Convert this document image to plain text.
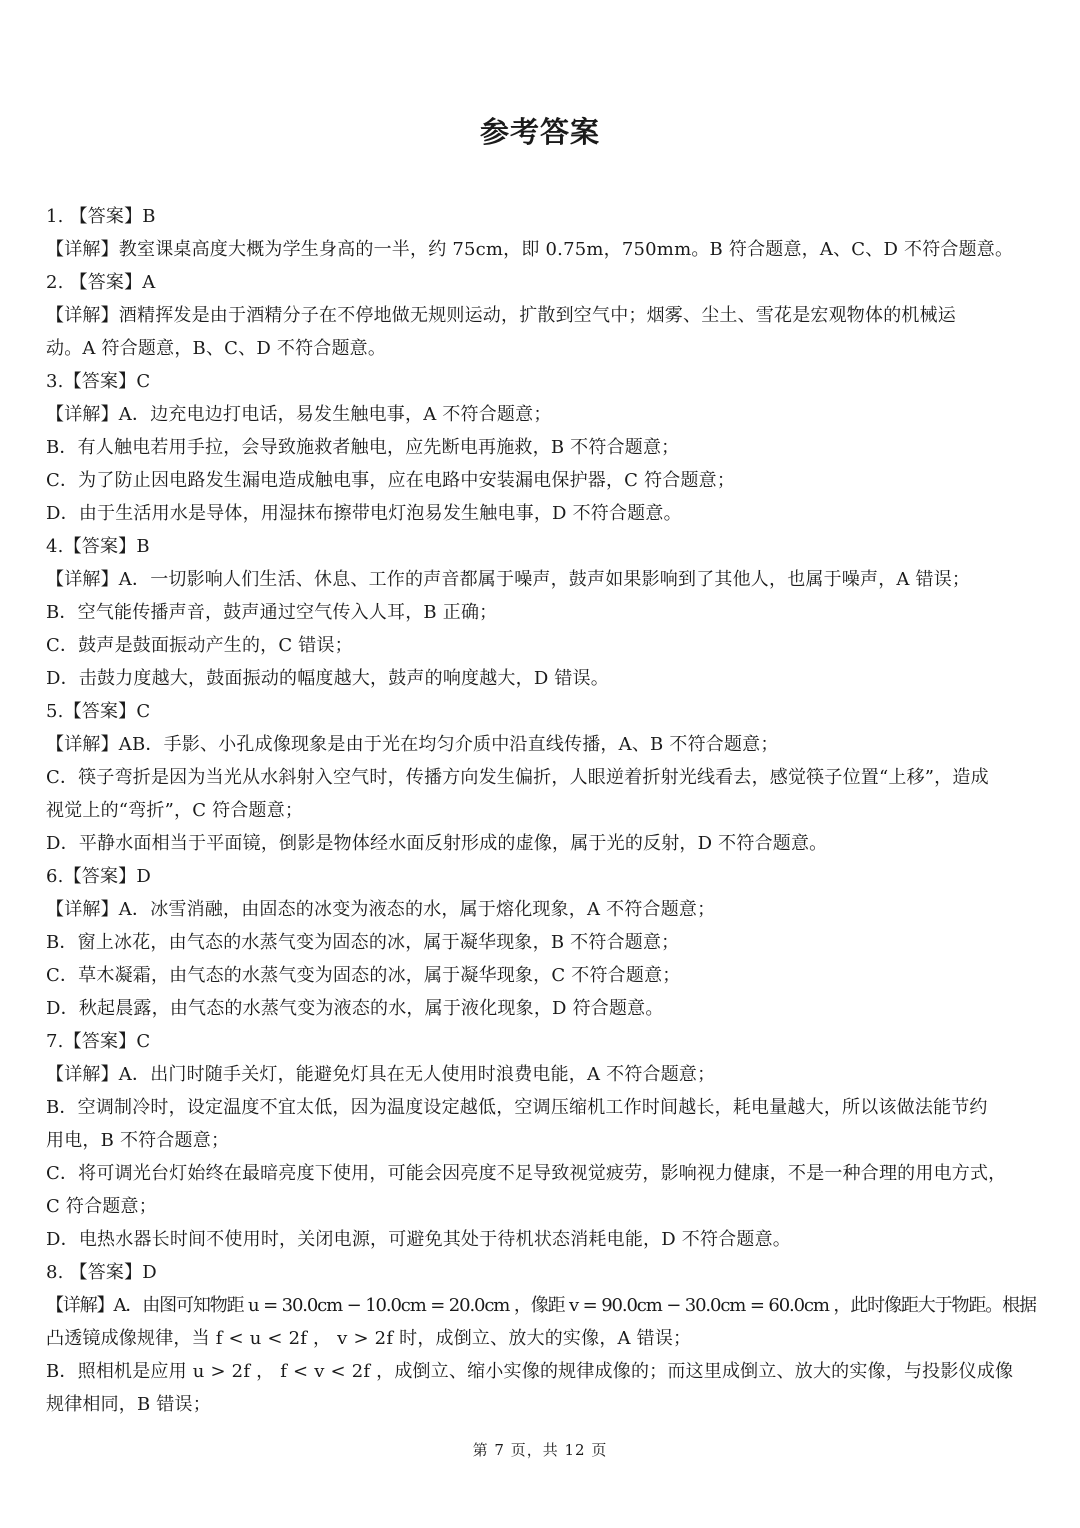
参考答案
1. 【答案】B
【详解】教室课桌高度大概为学生身高的一半，约 75cm，即 0.75m，750mm。B 符合题意，A、C、D 不符合题意。
2. 【答案】A
【详解】酒精挥发是由于酒精分子在不停地做无规则运动，扩散到空气中；烟雾、尘土、雪花是宏观物体的机械运
动。A 符合题意，B、C、D 不符合题意。
3.【答案】C
【详解】A．边充电边打电话，易发生触电事，A 不符合题意；
B．有人触电若用手拉，会导致施救者触电，应先断电再施救，B 不符合题意；
C．为了防止因电路发生漏电造成触电事，应在电路中安装漏电保护器，C 符合题意；
D．由于生活用水是导体，用湿抹布擦带电灯泡易发生触电事，D 不符合题意。
4.【答案】B
【详解】A．一切影响人们生活、休息、工作的声音都属于噪声，鼓声如果影响到了其他人，也属于噪声，A 错误；
B．空气能传播声音，鼓声通过空气传入人耳，B 正确；
C．鼓声是鼓面振动产生的，C 错误；
D．击鼓力度越大，鼓面振动的幅度越大，鼓声的响度越大，D 错误。
5.【答案】C
【详解】AB．手影、小孔成像现象是由于光在均匀介质中沿直线传播，A、B 不符合题意；
C．筷子弯折是因为当光从水斜射入空气时，传播方向发生偏折，人眼逆着折射光线看去，感觉筷子位置“上移”，造成
视觉上的“弯折”，C 符合题意；
D．平静水面相当于平面镜，倒影是物体经水面反射形成的虚像，属于光的反射，D 不符合题意。
6.【答案】D
【详解】A．冰雪消融，由固态的冰变为液态的水，属于熔化现象，A 不符合题意；
B．窗上冰花，由气态的水蒸气变为固态的冰，属于凝华现象，B 不符合题意；
C．草木凝霜，由气态的水蒸气变为固态的冰，属于凝华现象，C 不符合题意；
D．秋起晨露，由气态的水蒸气变为液态的水，属于液化现象，D 符合题意。
7.【答案】C
【详解】A．出门时随手关灯，能避免灯具在无人使用时浪费电能，A 不符合题意；
B．空调制冷时，设定温度不宜太低，因为温度设定越低，空调压缩机工作时间越长，耗电量越大，所以该做法能节约
用电，B 不符合题意；
C．将可调光台灯始终在最暗亮度下使用，可能会因亮度不足导致视觉疲劳，影响视力健康，不是一种合理的用电方式，
C 符合题意；
D．电热水器长时间不使用时，关闭电源，可避免其处于待机状态消耗电能，D 不符合题意。
8. 【答案】D
【详解】A．由图可知物距 u = 30.0cm − 10.0cm = 20.0cm ，像距 v = 90.0cm − 30.0cm = 60.0cm ，此时像距大于物距。根据
凸透镜成像规律，当 f < u < 2f ， v > 2f 时，成倒立、放大的实像，A 错误；
B．照相机是应用 u > 2f ， f < v < 2f ，成倒立、缩小实像的规律成像的；而这里成倒立、放大的实像，与投影仪成像
规律相同，B 错误；
第 7 页，共 12 页
